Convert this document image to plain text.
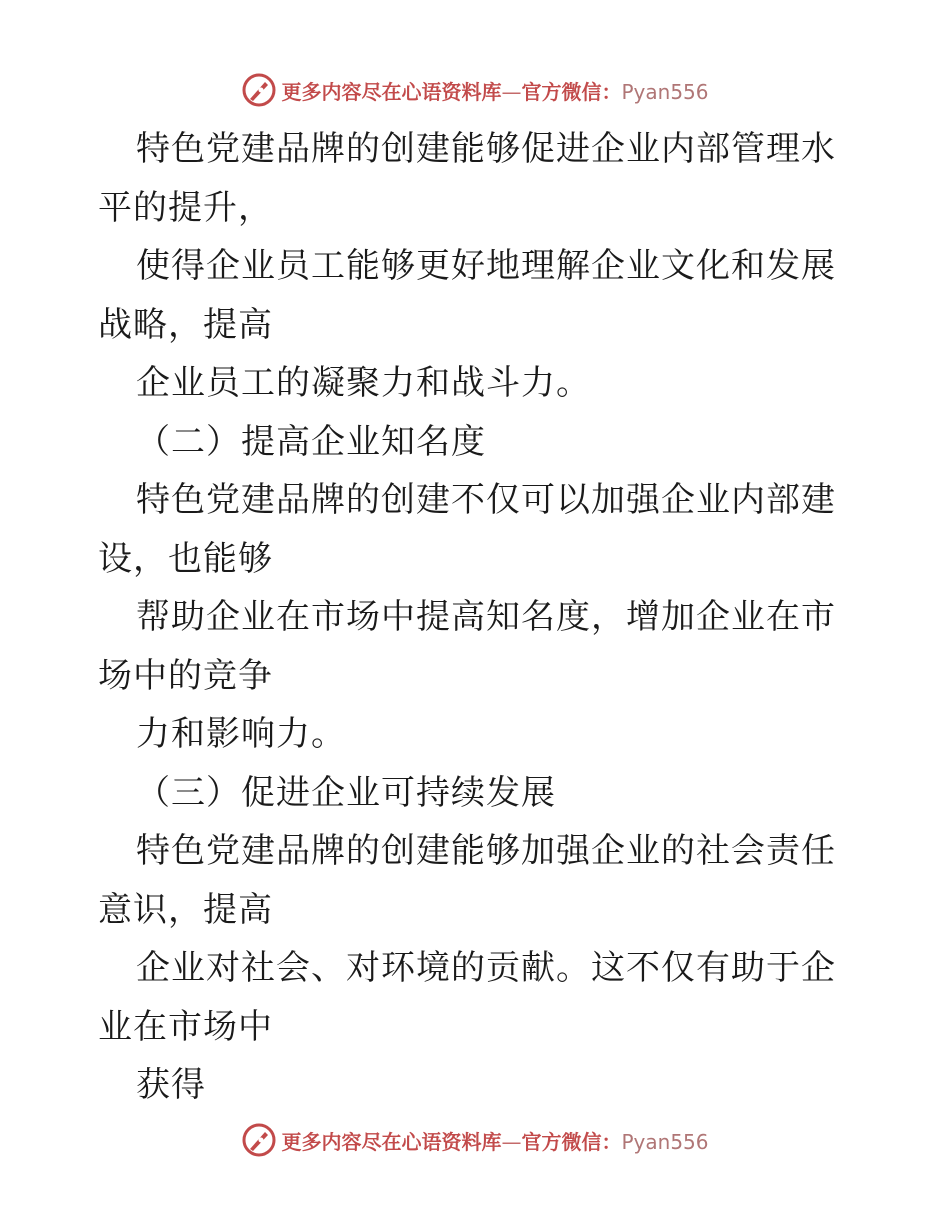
更多内容尽在心语资料库—官方微信：Pyan556

特色党建品牌的创建能够促进企业内部管理水平的提升，

使得企业员工能够更好地理解企业文化和发展战略，提高

企业员工的凝聚力和战斗力。

（二）提高企业知名度

特色党建品牌的创建不仅可以加强企业内部建设，也能够

帮助企业在市场中提高知名度，增加企业在市场中的竞争

力和影响力。

（三）促进企业可持续发展

特色党建品牌的创建能够加强企业的社会责任意识，提高

企业对社会、对环境的贡献。这不仅有助于企业在市场中

获得

更多内容尽在心语资料库—官方微信：Pyan556
